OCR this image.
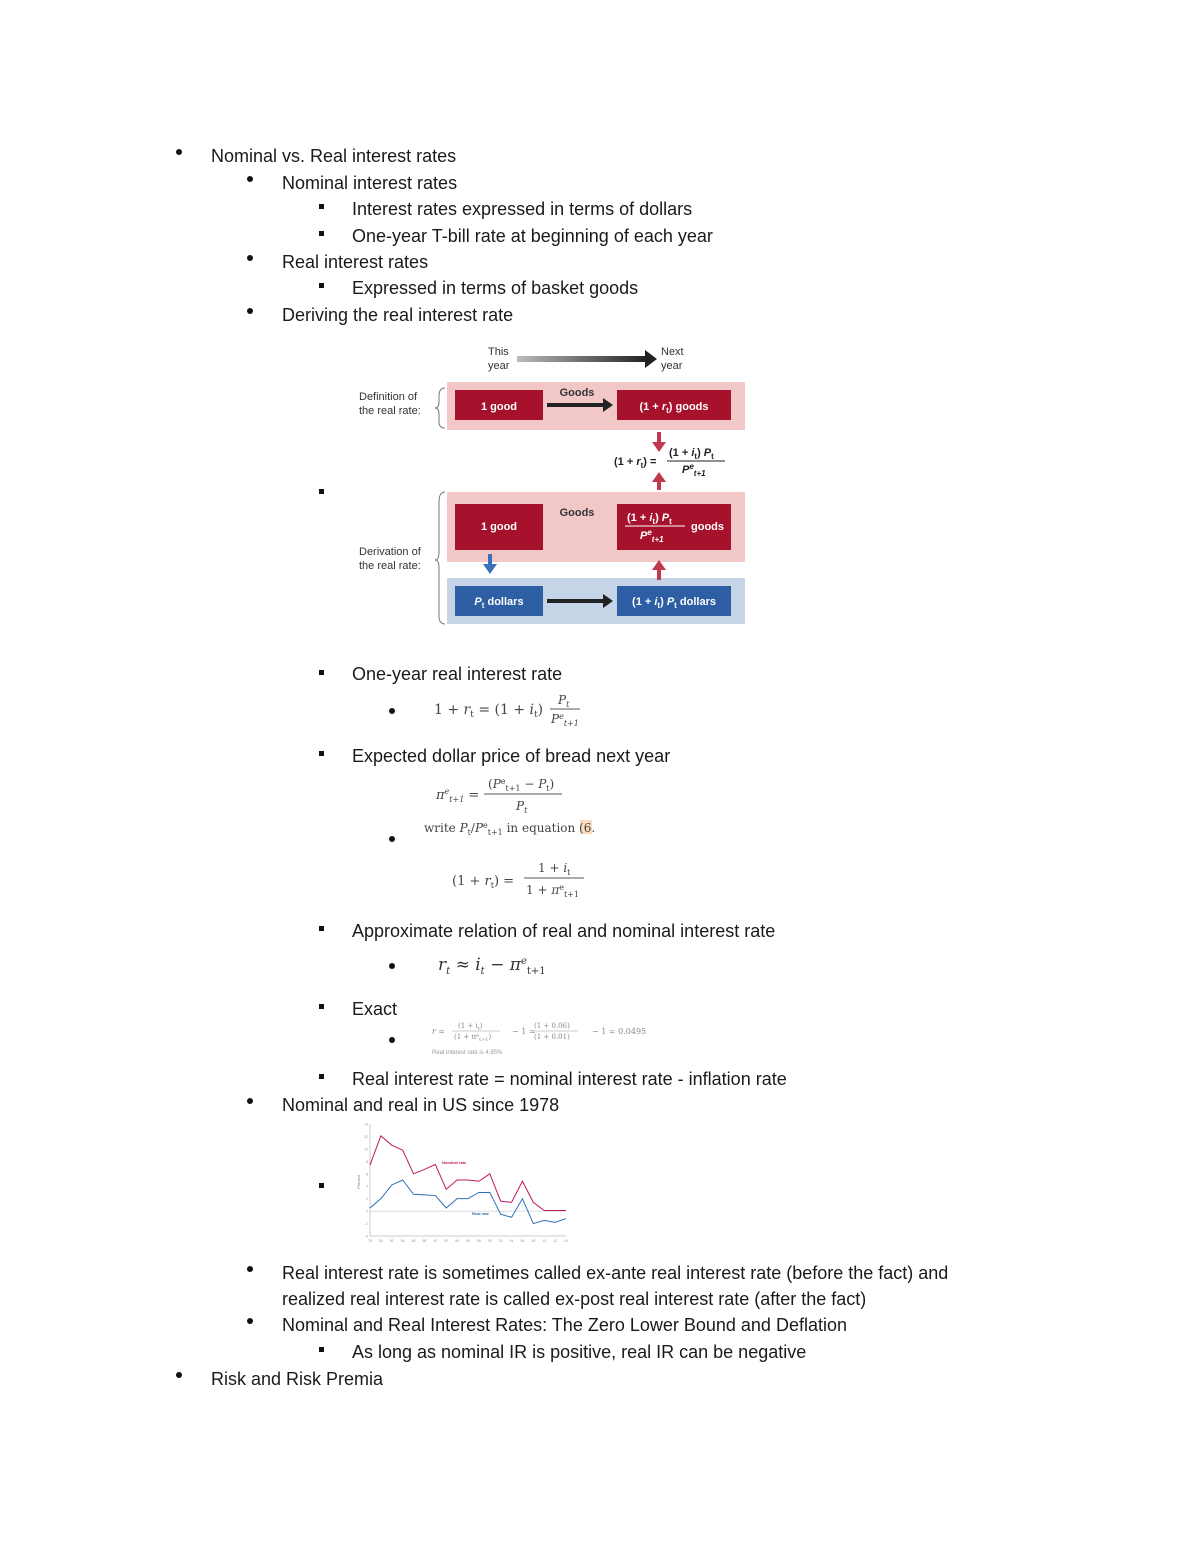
Nominal vs. Real interest rates
Nominal interest rates
Interest rates expressed in terms of dollars
One-year T-bill rate at beginning of each year
Real interest rates
Expressed in terms of basket goods
Deriving the real interest rate
This
year
Next
year
Definition of
the real rate:	1 good
Goods
$(1 + r_t)$ goods
$(1 + r_t)$ =
$(1 + i_t)$ $P_t$
$P^e_{t+1}$
Derivation of
the real rate:
1 good
Goods	$(1 + i_t)$ $P_t$
$P^e_{t+1}$
goods
$P_t$ dollars	$(1 + i_t)$ $P_t$ dollars
One-year real interest rate
$1 + r_t = (1 + i_t)$
$P_t$
$P^e_{t+1}$
Expected dollar price of bread next year
$\pi^e_{t+1}$ =
$(P^e_{t+1} - P_t)$
$P_t$
write $P_t/P^e_{t+1}$ in equation (6.
$(1 + r_t)$ =
$1 + i_t$
$1 + \pi^e_{t+1}$
Approximate relation of real and nominal interest rate
$r_t \approx i_t - \pi^e_{t+1}$
Exact
r =
$(1 + i_t)$
$(1 + \pi^e_{t+1})$
− 1 =
(1 + 0.06)
(1 + 0.01)
− 1 = 0.0495
Real interest rate is 4.95%
Real interest rate = nominal interest rate - inflation rate
Nominal and real in US since 1978
Percent
-4
-2
0
2
4
6
8
10
12
14
78 80 82 84 86 88 90 92 94 96 98 00 02 04 06 08 10 12 14
Nominal rate
Real rate
Real interest rate is sometimes called ex-ante real interest rate (before the fact) and
realized real interest rate is called ex-post real interest rate (after the fact)
Nominal and Real Interest Rates: The Zero Lower Bound and Deflation
As long as nominal IR is positive, real IR can be negative
Risk and Risk Premia
